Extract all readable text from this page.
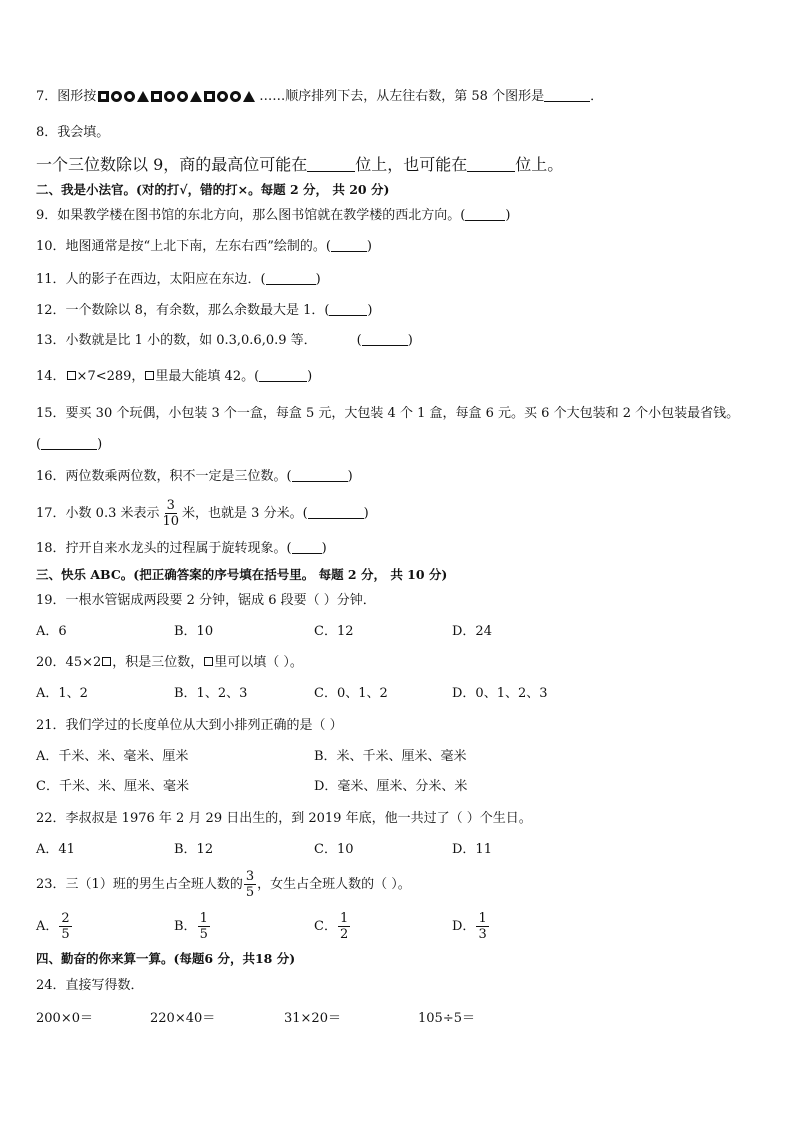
7．图形按	……顺序排列下去，从左往右数，第 58 个图形是	．
8．我会填。
一个三位数除以 9，商的最高位可能在	位上，也可能在	位上。
二、我是小法官。(对的打√，错的打×。每题 2 分， 共 20 分)
9．如果教学楼在图书馆的东北方向，那么图书馆就在教学楼的西北方向。(	)
10．地图通常是按“上北下南，左东右西”绘制的。(	)
11．人的影子在西边，太阳应在东边．(	)
12．一个数除以 8，有余数，那么余数最大是 1．(	)
13．小数就是比 1 小的数，如 0.3,0.6,0.9 等．	(	)
14． ×7<289， 里最大能填 42。(	)
15．要买 30 个玩偶，小包装 3 个一盒，每盒 5 元，大包装 4 个 1 盒，每盒 6 元。买 6 个大包装和 2 个小包装最省钱。
(	)
16．两位数乘两位数，积不一定是三位数。(	)
17．小数 0.3 米表示 $\frac{3}{10}$ 米，也就是 3 分米。(	)
18．拧开自来水龙头的过程属于旋转现象。( )
三、快乐 ABC。(把正确答案的序号填在括号里。 每题 2 分， 共 10 分)
19．一根水管锯成两段要 2 分钟，锯成 6 段要（ ）分钟．
A．6	B．10	C．12	D．24
20．45×2 ，积是三位数， 里可以填（ ）。
A．1、2	B．1、2、3	C．0、1、2	D．0、1、2、3
21．我们学过的长度单位从大到小排列正确的是（ ）
A．千米、米、毫米、厘米	B．米、千米、厘米、毫米
C．千米、米、厘米、毫米	D．毫米、厘米、分米、米
22．李叔叔是 1976 年 2 月 29 日出生的，到 2019 年底，他一共过了（ ）个生日。
A．41	B．12	C．10	D．11
23．三（1）班的男生占全班人数的 $\frac{3}{5}$ ，女生占全班人数的（ ）。
A． $\frac{2}{5}$	B． $\frac{1}{5}$	C． $\frac{1}{2}$	D． $\frac{1}{3}$
四、勤奋的你来算一算。(每题6 分，共18 分)
24．直接写得数．
200×0＝	220×40＝	31×20＝	105÷5＝
